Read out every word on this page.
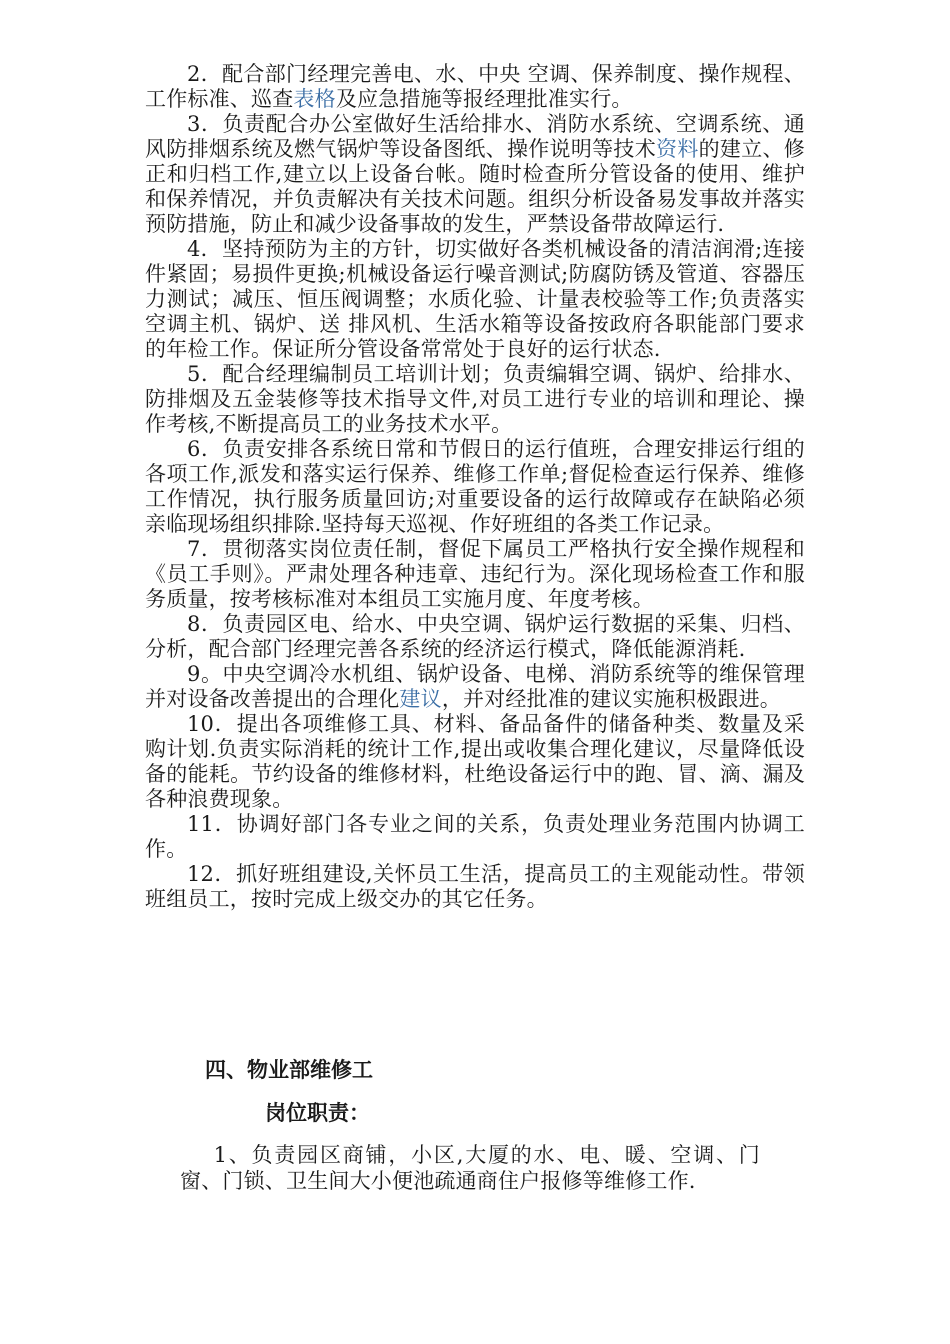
2．配合部门经理完善电、水、中央 空调、保养制度、操作规程、工作标准、巡查表格及应急措施等报经理批准实行。

3．负责配合办公室做好生活给排水、消防水系统、空调系统、通风防排烟系统及燃气锅炉等设备图纸、操作说明等技术资料的建立、修正和归档工作,建立以上设备台帐。随时检查所分管设备的使用、维护和保养情况，并负责解决有关技术问题。组织分析设备易发事故并落实预防措施，防止和减少设备事故的发生，严禁设备带故障运行.

4．坚持预防为主的方针，切实做好各类机械设备的清洁润滑;连接件紧固；易损件更换;机械设备运行噪音测试;防腐防锈及管道、容器压力测试；减压、恒压阀调整；水质化验、计量表校验等工作;负责落实空调主机、锅炉、送 排风机、生活水箱等设备按政府各职能部门要求的年检工作。保证所分管设备常常处于良好的运行状态.

5．配合经理编制员工培训计划；负责编辑空调、锅炉、给排水、防排烟及五金装修等技术指导文件,对员工进行专业的培训和理论、操作考核,不断提高员工的业务技术水平。

6．负责安排各系统日常和节假日的运行值班，合理安排运行组的各项工作,派发和落实运行保养、维修工作单;督促检查运行保养、维修工作情况，执行服务质量回访;对重要设备的运行故障或存在缺陷必须亲临现场组织排除.坚持每天巡视、作好班组的各类工作记录。

7．贯彻落实岗位责任制，督促下属员工严格执行安全操作规程和《员工手则》。严肃处理各种违章、违纪行为。深化现场检查工作和服务质量，按考核标准对本组员工实施月度、年度考核。

8．负责园区电、给水、中央空调、锅炉运行数据的采集、归档、分析，配合部门经理完善各系统的经济运行模式，降低能源消耗.

9。中央空调冷水机组、锅炉设备、电梯、消防系统等的维保管理并对设备改善提出的合理化建议，并对经批准的建议实施积极跟进。

10．提出各项维修工具、材料、备品备件的储备种类、数量及采购计划.负责实际消耗的统计工作,提出或收集合理化建议，尽量降低设备的能耗。节约设备的维修材料，杜绝设备运行中的跑、冒、滴、漏及各种浪费现象。

11．协调好部门各专业之间的关系，负责处理业务范围内协调工作。

12．抓好班组建设,关怀员工生活，提高员工的主观能动性。带领班组员工，按时完成上级交办的其它任务。

四、物业部维修工
岗位职责：

1、负责园区商铺，小区,大厦的水、电、暖、空调、门窗、门锁、卫生间大小便池疏通商住户报修等维修工作.
